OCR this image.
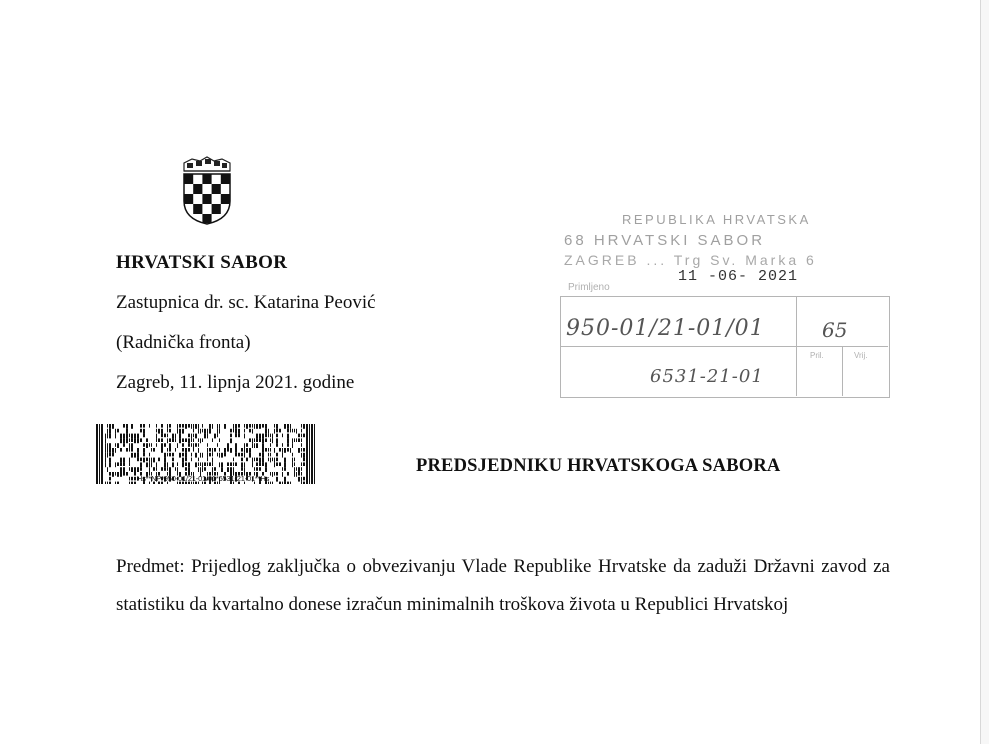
HRVATSKI SABOR
Zastupnica dr. sc. Katarina Peović
(Radnička fronta)
Zagreb, 11. lipnja 2021. godine
Hs**NP*950-01/21-01/01*6531-21-01**Hs
PREDSJEDNIKU HRVATSKOGA SABORA
Predmet: Prijedlog zaključka o obvezivanju Vlade Republike Hrvatske da zaduži Državni zavod za statistiku da kvartalno donese izračun minimalnih troškova života u Republici Hrvatskoj
REPUBLIKA HRVATSKA
68 HRVATSKI SABOR
ZAGREB ... Trg Sv. Marka 6
Primljeno
11 -06- 2021
Pril.	Vrij.
950-01/21-01/01	65
6531-21-01
